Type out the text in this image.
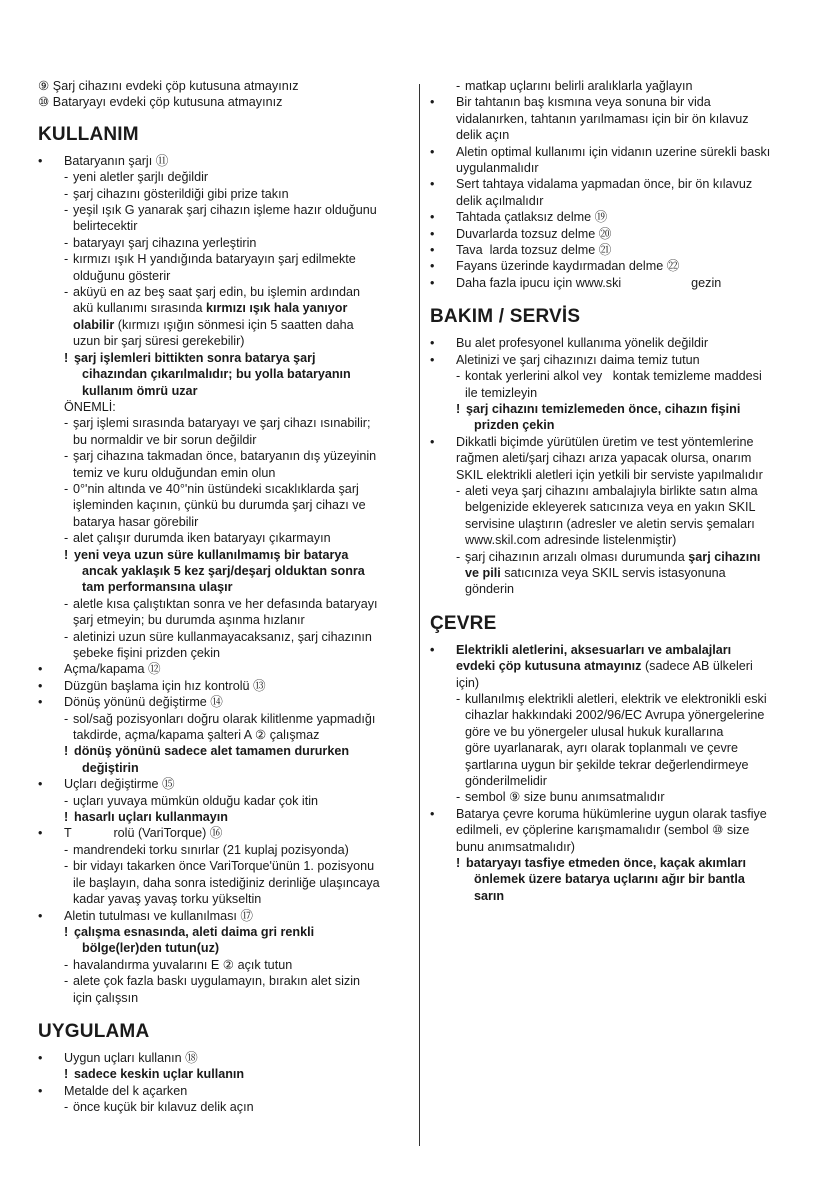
⑨ Şarj cihazını evdeki çöp kutusuna atmayınız
⑩ Bataryayı evdeki çöp kutusuna atmayınız
KULLANIM
• Bataryanın şarjı ⑪
- yeni aletler şarjlı değildir
- şarj cihazını gösterildiği gibi prize takın
- yeşil ışık G yanarak şarj cihazın işleme hazır olduğunu
belirtecektir
- bataryayı şarj cihazına yerleştirin
- kırmızı ışık H yandığında bataryayın şarj edilmekte
olduğunu gösterir
- aküyü en az beş saat şarj edin, bu işlemin ardından
akü kullanımı sırasında kırmızı ışık hala yanıyor
olabilir (kırmızı ışığın sönmesi için 5 saatten daha
uzun bir şarj süresi gerekebilir)
! şarj işlemleri bittikten sonra batarya şarj
cihazından çıkarılmalıdır; bu yolla bataryanın
kullanım ömrü uzar
ÖNEMLİ:
- şarj işlemi sırasında bataryayı ve şarj cihazı ısınabilir;
bu normaldir ve bir sorun değildir
- şarj cihazına takmadan önce, bataryanın dış yüzeyinin
temiz ve kuru olduğundan emin olun
- 0°'nin altında ve 40°'nin üstündeki sıcaklıklarda şarj
işleminden kaçının, çünkü bu durumda şarj cihazı ve
batarya hasar görebilir
- alet çalışır durumda iken bataryayı çıkarmayın
! yeni veya uzun süre kullanılmamış bir batarya
ancak yaklaşık 5 kez şarj/deşarj olduktan sonra
tam performansına ulaşır
- aletle kısa çalıştıktan sonra ve her defasında bataryayı
şarj etmeyin; bu durumda aşınma hızlanır
- aletinizi uzun süre kullanmayacaksanız, şarj cihazının
şebeke fişini prizden çekin
• Açma/kapama ⑫
• Düzgün başlama için hız kontrolü ⑬
• Dönüş yönünü değiştirme ⑭
- sol/sağ pozisyonları doğru olarak kilitlenme yapmadığı
takdirde, açma/kapama şalteri A ② çalışmaz
! dönüş yönünü sadece alet tamamen dururken
değiştirin
• Uçları değiştirme ⑮
- uçları yuvaya mümkün olduğu kadar çok itin
! hasarlı uçları kullanmayın
• T            rolü (VariTorque) ⑯
- mandrendeki torku sınırlar (21 kuplaj pozisyonda)
- bir vidayı takarken önce VariTorque'ünün 1. pozisyonu
ile başlayın, daha sonra istediğiniz derinliğe ulaşıncaya
kadar yavaş yavaş torku yükseltin
• Aletin tutulması ve kullanılması ⑰
! çalışma esnasında, aleti daima gri renkli
bölge(ler)den tutun(uz)
- havalandırma yuvalarını E ② açık tutun
- alete çok fazla baskı uygulamayın, bırakın alet sizin
için çalışsın
UYGULAMA
• Uygun uçları kullanın ⑱
! sadece keskin uçlar kullanın
• Metalde del k açarken
- önce kuçük bir kılavuz delik açın
- matkap uçlarını belirli aralıklarla yağlayın
• Bir tahtanın baş kısmına veya sonuna bir vida
vidalanırken, tahtanın yarılmaması için bir ön kılavuz
delik açın
• Aletin optimal kullanımı için vidanın uzerine sürekli baskı
uygulanmalıdır
• Sert tahtaya vidalama yapmadan önce, bir ön kılavuz
delik açılmalıdır
• Tahtada çatlaksız delme ⑲
• Duvarlarda tozsuz delme ⑳
• Tava  larda tozsuz delme ㉑
• Fayans üzerinde kaydırmadan delme ㉒
• Daha fazla ipucu için www.ski                    gezin
BAKIM / SERVİS
• Bu alet profesyonel kullanıma yönelik değildir
• Aletinizi ve şarj cihazınızı daima temiz tutun
- kontak yerlerini alkol vey   kontak temizleme maddesi
ile temizleyin
! şarj cihazını temizlemeden önce, cihazın fişini
prizden çekin
• Dikkatli biçimde yürütülen üretim ve test yöntemlerine
rağmen aleti/şarj cihazı arıza yapacak olursa, onarım
SKIL elektrikli aletleri için yetkili bir serviste yapılmalıdır
- aleti veya şarj cihazını ambalajıyla birlikte satın alma
belgenizide ekleyerek satıcınıza veya en yakın SKIL
servisine ulaştırın (adresler ve aletin servis şemaları
www.skil.com adresinde listelenmiştir)
- şarj cihazının arızalı olması durumunda şarj cihazını
ve pili satıcınıza veya SKIL servis istasyonuna
gönderin
ÇEVRE
• Elektrikli aletlerini, aksesuarları ve ambalajları
evdeki çöp kutusuna atmayınız (sadece AB ülkeleri
için)
- kullanılmış elektrikli aletleri, elektrik ve elektronikli eski
cihazlar hakkındaki 2002/96/EC Avrupa yönergelerine
göre ve bu yönergeler ulusal hukuk kurallarına
göre uyarlanarak, ayrı olarak toplanmalı ve çevre
şartlarına uygun bir şekilde tekrar değerlendirmeye
gönderilmelidir
- sembol ⑨ size bunu anımsatmalıdır
• Batarya çevre koruma hükümlerine uygun olarak tasfiye
edilmeli, ev çöplerine karışmamalıdır (sembol ⑩ size
bunu anımsatmalıdır)
! bataryayı tasfiye etmeden önce, kaçak akımları
önlemek üzere batarya uçlarını ağır bir bantla
sarın
